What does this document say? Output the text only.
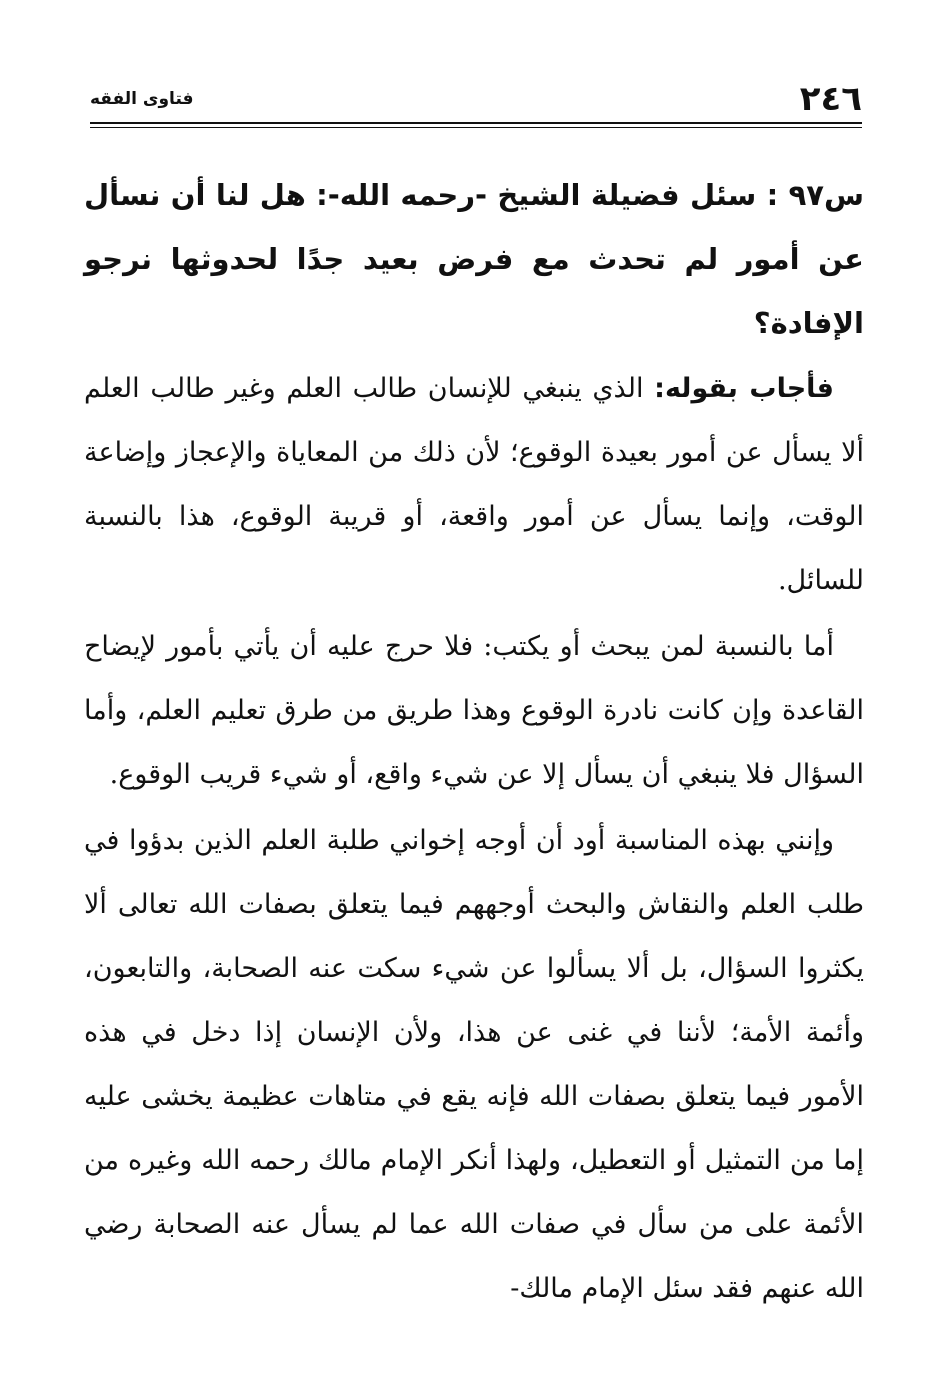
٢٤٦
فتاوى الفقه

س٩٧ : سئل فضيلة الشيخ -رحمه الله-: هل لنا أن نسأل عن أمور لم تحدث مع فرض بعيد جدًا لحدوثها نرجو الإفادة؟

فأجاب بقوله: الذي ينبغي للإنسان طالب العلم وغير طالب العلم ألا يسأل عن أمور بعيدة الوقوع؛ لأن ذلك من المعاياة والإعجاز وإضاعة الوقت، وإنما يسأل عن أمور واقعة، أو قريبة الوقوع، هذا بالنسبة للسائل.

أما بالنسبة لمن يبحث أو يكتب: فلا حرج عليه أن يأتي بأمور لإيضاح القاعدة وإن كانت نادرة الوقوع وهذا طريق من طرق تعليم العلم، وأما السؤال فلا ينبغي أن يسأل إلا عن شيء واقع، أو شيء قريب الوقوع.

وإنني بهذه المناسبة أود أن أوجه إخواني طلبة العلم الذين بدؤوا في طلب العلم والنقاش والبحث أوجههم فيما يتعلق بصفات الله تعالى ألا يكثروا السؤال، بل ألا يسألوا عن شيء سكت عنه الصحابة، والتابعون، وأئمة الأمة؛ لأننا في غنى عن هذا، ولأن الإنسان إذا دخل في هذه الأمور فيما يتعلق بصفات الله فإنه يقع في متاهات عظيمة يخشى عليه إما من التمثيل أو التعطيل، ولهذا أنكر الإمام مالك رحمه الله وغيره من الأئمة على من سأل في صفات الله عما لم يسأل عنه الصحابة رضي الله عنهم فقد سئل الإمام مالك-
